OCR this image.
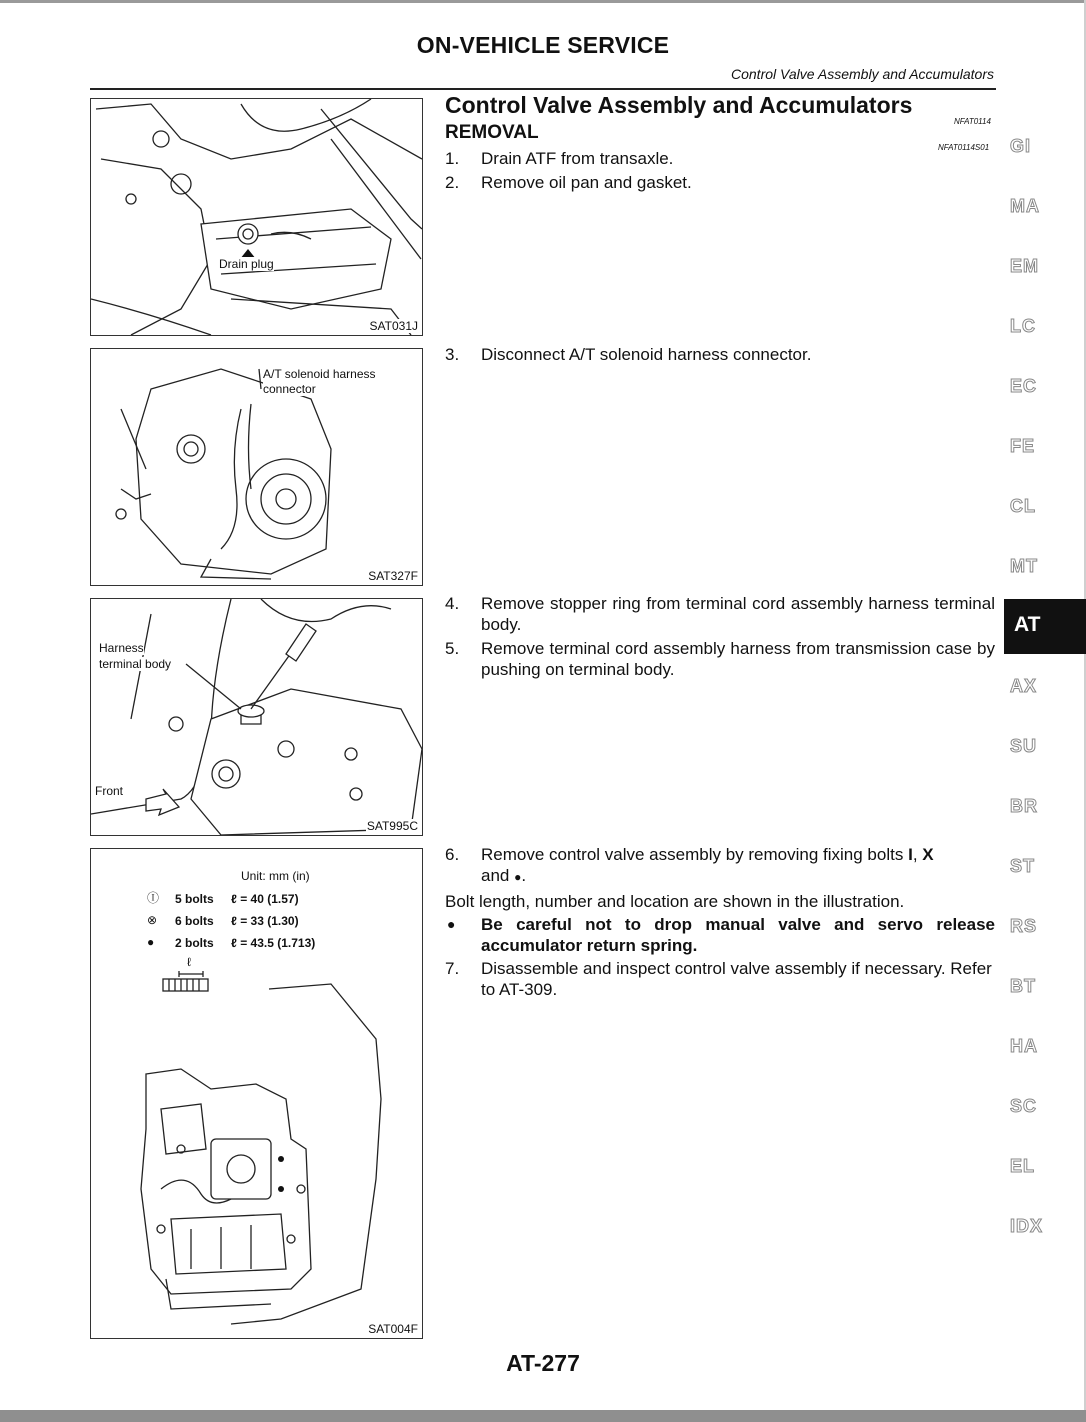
ON-VEHICLE SERVICE
Control Valve Assembly and Accumulators
Drain plug
SAT031J
A/T solenoid harness
connector
SAT327F
Harness
terminal body
Front
SAT995C
Unit: mm (in)
Ⓘ 5 bolts ℓ = 40 (1.57)
⊗ 6 bolts ℓ = 33 (1.30)
● 2 bolts ℓ = 43.5 (1.713)
ℓ
SAT004F
Control Valve Assembly and Accumulators
NFAT0114
REMOVAL
NFAT0114S01
1. Drain ATF from transaxle.
2. Remove oil pan and gasket.
3. Disconnect A/T solenoid harness connector.
4. Remove stopper ring from terminal cord assembly harness terminal body.
5. Remove terminal cord assembly harness from transmission case by pushing on terminal body.
6. Remove control valve assembly by removing fixing bolts I, X
and ●.
Bolt length, number and location are shown in the illustration.
● Be careful not to drop manual valve and servo release accumulator return spring.
7. Disassemble and inspect control valve assembly if necessary. Refer to AT-309.
GI
MA
EM
LC
EC
FE
CL
MT
AT
AX
SU
BR
ST
RS
BT
HA
SC
EL
IDX
AT-277
